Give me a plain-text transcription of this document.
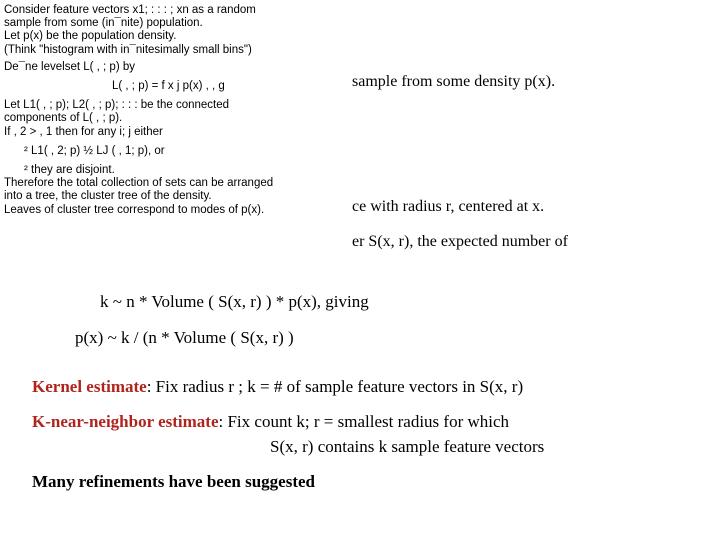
sample from some density p(x).
ce with radius r, centered at x.
er S(x, r), the expected number of
Consider feature vectors x1; : : : ; xn as a random
sample from some (in¯nite) population.
Let p(x) be the population density.
(Think "histogram with in¯nitesimally small bins")
De¯ne levelset L( , ; p) by
L( , ; p) = f x j p(x) , , g
Let L1( , ; p); L2( , ; p); : : : be the connected
components of L( , ; p).
If , 2 > , 1 then for any i; j either
² L1( , 2; p) ½ LJ ( , 1; p), or
² they are disjoint.
Therefore the total collection of sets can be arranged
into a tree, the cluster tree of the density.
Leaves of cluster tree correspond to modes of p(x).
k ~ n * Volume ( S(x, r) ) * p(x), giving
p(x) ~ k / (n * Volume ( S(x, r) )
Kernel estimate: Fix radius r ; k = # of sample feature vectors in S(x, r)
K-near-neighbor estimate: Fix count k; r = smallest radius for which
S(x, r) contains k sample feature vectors
Many refinements have been suggested
